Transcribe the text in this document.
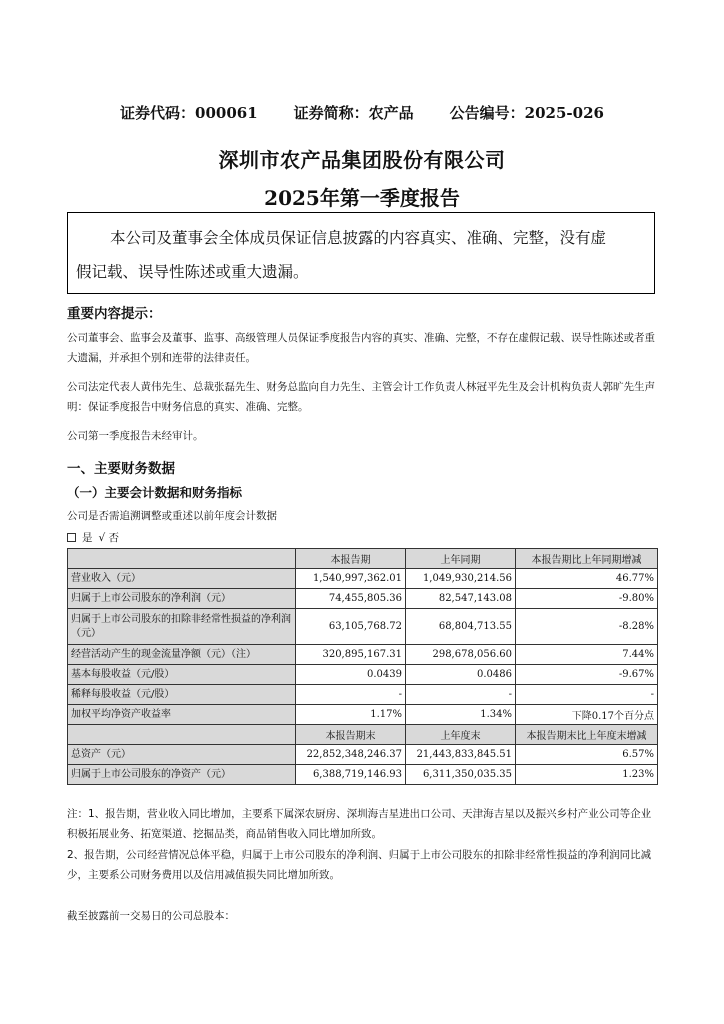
证券代码：000061 证券简称：农产品 公告编号：2025-026
深圳市农产品集团股份有限公司
2025年第一季度报告
本公司及董事会全体成员保证信息披露的内容真实、准确、完整，没有虚
假记载、误导性陈述或重大遗漏。
重要内容提示：
公司董事会、监事会及董事、监事、高级管理人员保证季度报告内容的真实、准确、完整，不存在虚假记载、误导性陈述或者重大遗漏，并承担个别和连带的法律责任。
公司法定代表人黄伟先生、总裁张磊先生、财务总监向自力先生、主管会计工作负责人林冠平先生及会计机构负责人郭旷先生声明：保证季度报告中财务信息的真实、准确、完整。
公司第一季度报告未经审计。
一、主要财务数据
（一）主要会计数据和财务指标
公司是否需追溯调整或重述以前年度会计数据
是 √ 否
	本报告期	上年同期	本报告期比上年同期增减
营业收入（元）	1,540,997,362.01	1,049,930,214.56	46.77%
归属于上市公司股东的净利润（元）	74,455,805.36	82,547,143.08	-9.80%
归属于上市公司股东的扣除非经常性损益的净利润（元）	63,105,768.72	68,804,713.55	-8.28%
经营活动产生的现金流量净额（元）（注）	320,895,167.31	298,678,056.60	7.44%
基本每股收益（元/股）	0.0439	0.0486	-9.67%
稀释每股收益（元/股）	-	-	-
加权平均净资产收益率	1.17%	1.34%	下降0.17个百分点
	本报告期末	上年度末	本报告期末比上年度末增减
总资产（元）	22,852,348,246.37	21,443,833,845.51	6.57%
归属于上市公司股东的净资产（元）	6,388,719,146.93	6,311,350,035.35	1.23%
注：1、报告期，营业收入同比增加，主要系下属深农厨房、深圳海吉星进出口公司、天津海吉星以及振兴乡村产业公司等企业积极拓展业务、拓宽渠道、挖掘品类，商品销售收入同比增加所致。
2、报告期，公司经营情况总体平稳，归属于上市公司股东的净利润、归属于上市公司股东的扣除非经常性损益的净利润同比减少，主要系公司财务费用以及信用减值损失同比增加所致。
截至披露前一交易日的公司总股本：
